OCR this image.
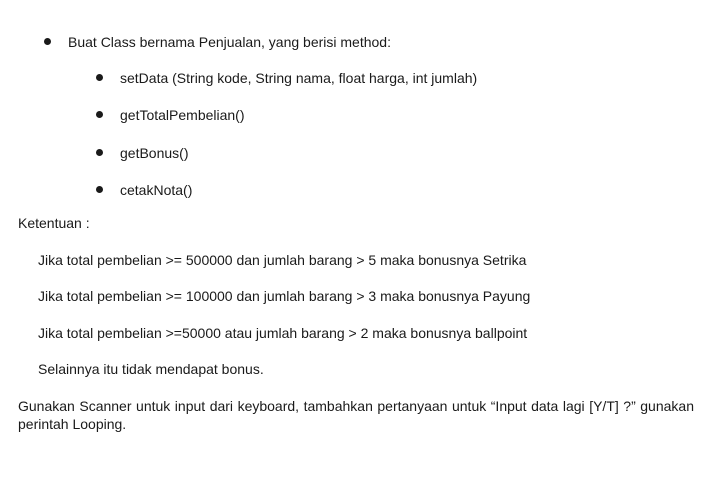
Buat Class bernama Penjualan, yang berisi method:
setData (String kode, String nama, float harga, int jumlah)
getTotalPembelian()
getBonus()
cetakNota()
Ketentuan :
Jika total pembelian >= 500000 dan jumlah barang > 5 maka bonusnya Setrika
Jika total pembelian >= 100000 dan jumlah barang > 3 maka bonusnya Payung
Jika total pembelian >=50000 atau jumlah barang > 2 maka bonusnya ballpoint
Selainnya itu tidak mendapat bonus.
Gunakan Scanner untuk input dari keyboard, tambahkan pertanyaan untuk “Input data lagi [Y/T] ?” gunakan perintah Looping.
